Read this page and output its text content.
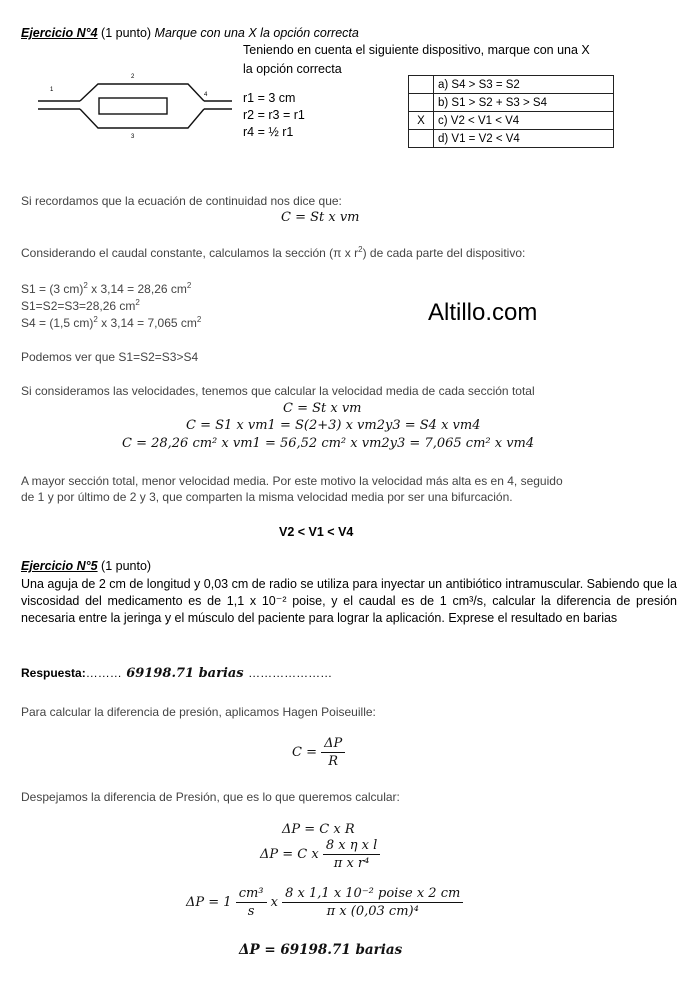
Ejercicio N°4 (1 punto) Marque con una X la opción correcta
Teniendo en cuenta el siguiente dispositivo, marque con una X
la opción correcta
1
2
3
4	r1 = 3 cm
r2 = r3 = r1
r4 = ½ r1
	a) S4 > S3 = S2
	b) S1 > S2 + S3 > S4
X	c) V2 < V1 < V4
	d) V1 = V2 < V4
Si recordamos que la ecuación de continuidad nos dice que:
C = St x vm
Considerando el caudal constante, calculamos la sección (π x $r^2$) de cada parte del dispositivo:
S1 = (3 cm)$^2$ x 3,14 = 28,26 $cm^2$
S1=S2=S3=28,26 $cm^2$
S4 = (1,5 cm)$^2$ x 3,14 = 7,065 $cm^2$	Altillo.com
Podemos ver que S1=S2=S3>S4
Si consideramos las velocidades, tenemos que calcular la velocidad media de cada sección total
C = St x vm
C = S1 x vm1 = S(2+3) x vm2y3 = S4 x vm4
C = 28,26 cm² x vm1 = 56,52 cm² x vm2y3 = 7,065 cm² x vm4
A mayor sección total, menor velocidad media. Por este motivo la velocidad más alta es en 4, seguido
de 1 y por último de 2 y 3, que comparten la misma velocidad media por ser una bifurcación.
V2 < V1 < V4
Ejercicio N°5 (1 punto)
Una aguja de 2 cm de longitud y 0,03 cm de radio se utiliza para inyectar un antibiótico intramuscular. Sabiendo que la viscosidad del medicamento es de 1,1 x 10⁻² poise, y el caudal es de 1 cm³/s, calcular la diferencia de presión necesaria entre la jeringa y el músculo del paciente para lograr la aplicación. Exprese el resultado en barias
Respuesta:……… 69198.71 barias …………………
Para calcular la diferencia de presión, aplicamos Hagen Poiseuille:
$C = \frac{\Delta P}{R}$
Despejamos la diferencia de Presión, que es lo que queremos calcular:
ΔP = C x R
ΔP = C x $\frac{\text{8 x η x l}}{\text{π x r⁴}}$
$\Delta P = 1 \frac{\text{cm³}}{s}$ x $\frac{\text{8 x 1,1 x 10⁻² poise x 2 cm}}{\text{π x (0,03 cm)⁴}}$
ΔP = 69198.71 barias
